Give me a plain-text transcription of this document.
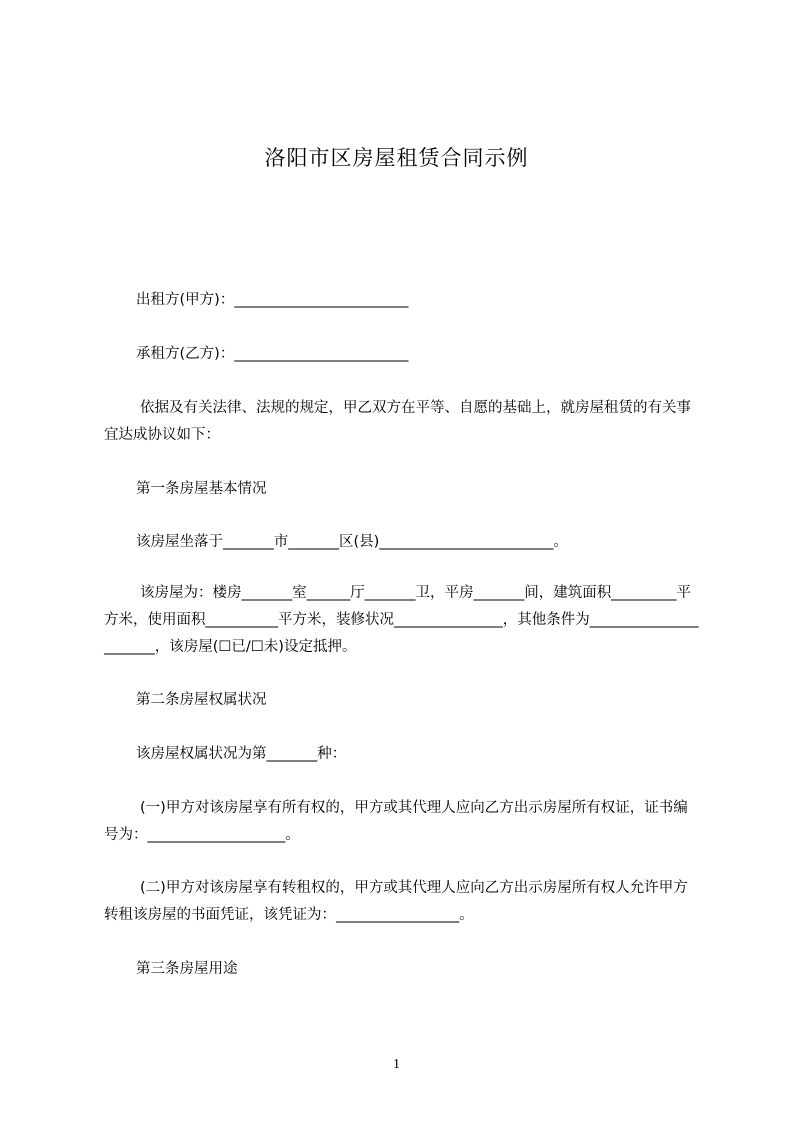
洛阳市区房屋租赁合同示例
出租方(甲方)：________________________
承租方(乙方)：________________________
依据及有关法律、法规的规定，甲乙双方在平等、自愿的基础上，就房屋租赁的有关事宜达成协议如下：
第一条房屋基本情况
该房屋坐落于_______市_______区(县)________________________。
该房屋为：楼房_______室______厅_______卫，平房_______间，建筑面积_________平方米，使用面积__________平方米，装修状况_______________，其他条件为______________________，该房屋(☐已/☐未)设定抵押。
第二条房屋权属状况
该房屋权属状况为第_______种：
(一)甲方对该房屋享有所有权的，甲方或其代理人应向乙方出示房屋所有权证，证书编号为：___________________。
(二)甲方对该房屋享有转租权的，甲方或其代理人应向乙方出示房屋所有权人允许甲方转租该房屋的书面凭证，该凭证为：_________________。
第三条房屋用途
1
